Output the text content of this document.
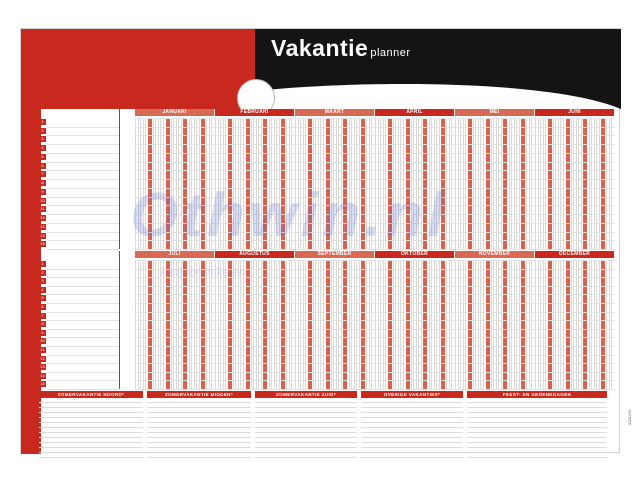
Vakantie planner
1
2
3
4
5
6
7
8
9
10
11
12
13
14
15
JANUARI	FEBRUARI	MAART	APRIL	MEI	JUNI
1
2
3
4
5
6
7
8
9
10
11
12
13
14
15
JULI	AUGUSTUS	SEPTEMBER	OKTOBER	NOVEMBER	DECEMBER
0001215
ZOMERVAKANTIE NOORD*	ZOMERVAKANTIE MIDDEN*	ZOMERVAKANTIE ZUID*	OVERIGE VAKANTIES*	FEEST- EN GEDENKDAGEN
Othwin.nl
kantoorartikelen
